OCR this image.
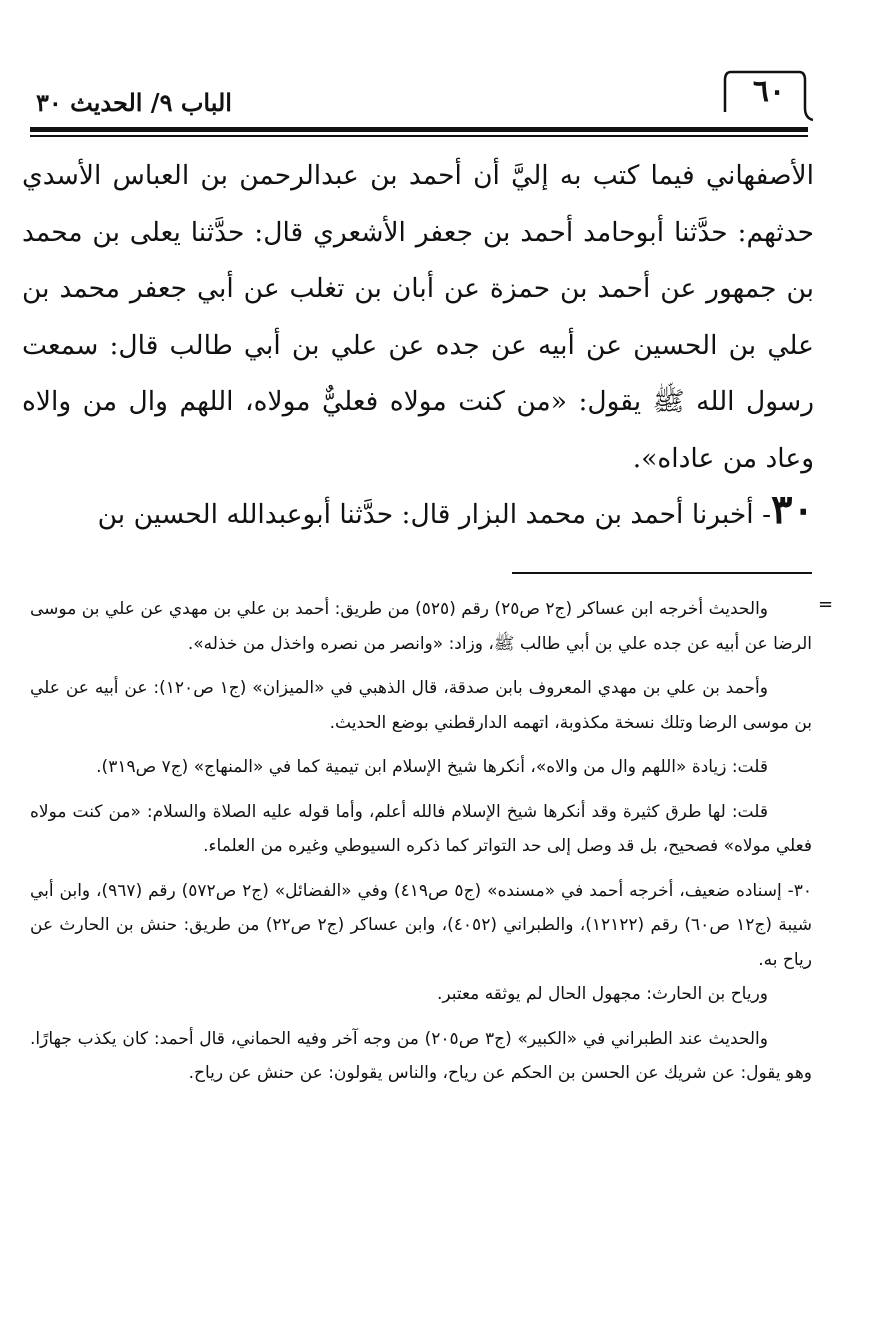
٦٠
الباب ٩/ الحديث ٣٠

الأصفهاني فيما كتب به إليَّ أن أحمد بن عبدالرحمن بن العباس الأسدي حدثهم: حدَّثنا أبوحامد أحمد بن جعفر الأشعري قال: حدَّثنا يعلى بن محمد بن جمهور عن أحمد بن حمزة عن أبان بن تغلب عن أبي جعفر محمد بن علي بن الحسين عن أبيه عن جده عن علي بن أبي طالب قال: سمعت رسول الله ﷺ يقول: «من كنت مولاه فعليٌّ مولاه، اللهم وال من والاه وعاد من عاداه».

٣٠- أخبرنا أحمد بن محمد البزار قال: حدَّثنا أبوعبدالله الحسين بن

=

والحديث أخرجه ابن عساكر (ج٢ ص٢٥) رقم (٥٢٥) من طريق: أحمد بن علي بن مهدي عن علي بن موسى الرضا عن أبيه عن جده علي بن أبي طالب ﷺ، وزاد: «وانصر من نصره واخذل من خذله».

وأحمد بن علي بن مهدي المعروف بابن صدقة، قال الذهبي في «الميزان» (ج١ ص١٢٠): عن أبيه عن علي بن موسى الرضا وتلك نسخة مكذوبة، اتهمه الدارقطني بوضع الحديث.

قلت: زيادة «اللهم وال من والاه»، أنكرها شيخ الإسلام ابن تيمية كما في «المنهاج» (ج٧ ص٣١٩).

قلت: لها طرق كثيرة وقد أنكرها شيخ الإسلام فالله أعلم، وأما قوله عليه الصلاة والسلام: «من كنت مولاه فعلي مولاه» فصحيح، بل قد وصل إلى حد التواتر كما ذكره السيوطي وغيره من العلماء.

٣٠- إسناده ضعيف، أخرجه أحمد في «مسنده» (ج٥ ص٤١٩) وفي «الفضائل» (ج٢ ص٥٧٢) رقم (٩٦٧)، وابن أبي شيبة (ج١٢ ص٦٠) رقم (١٢١٢٢)، والطبراني (٤٠٥٢)، وابن عساكر (ج٢ ص٢٢) من طريق: حنش بن الحارث عن رياح به.

ورياح بن الحارث: مجهول الحال لم يوثقه معتبر.

والحديث عند الطبراني في «الكبير» (ج٣ ص٢٠٥) من وجه آخر وفيه الحماني، قال أحمد: كان يكذب جهارًا. وهو يقول: عن شريك عن الحسن بن الحكم عن رياح، والناس يقولون: عن حنش عن رياح.
